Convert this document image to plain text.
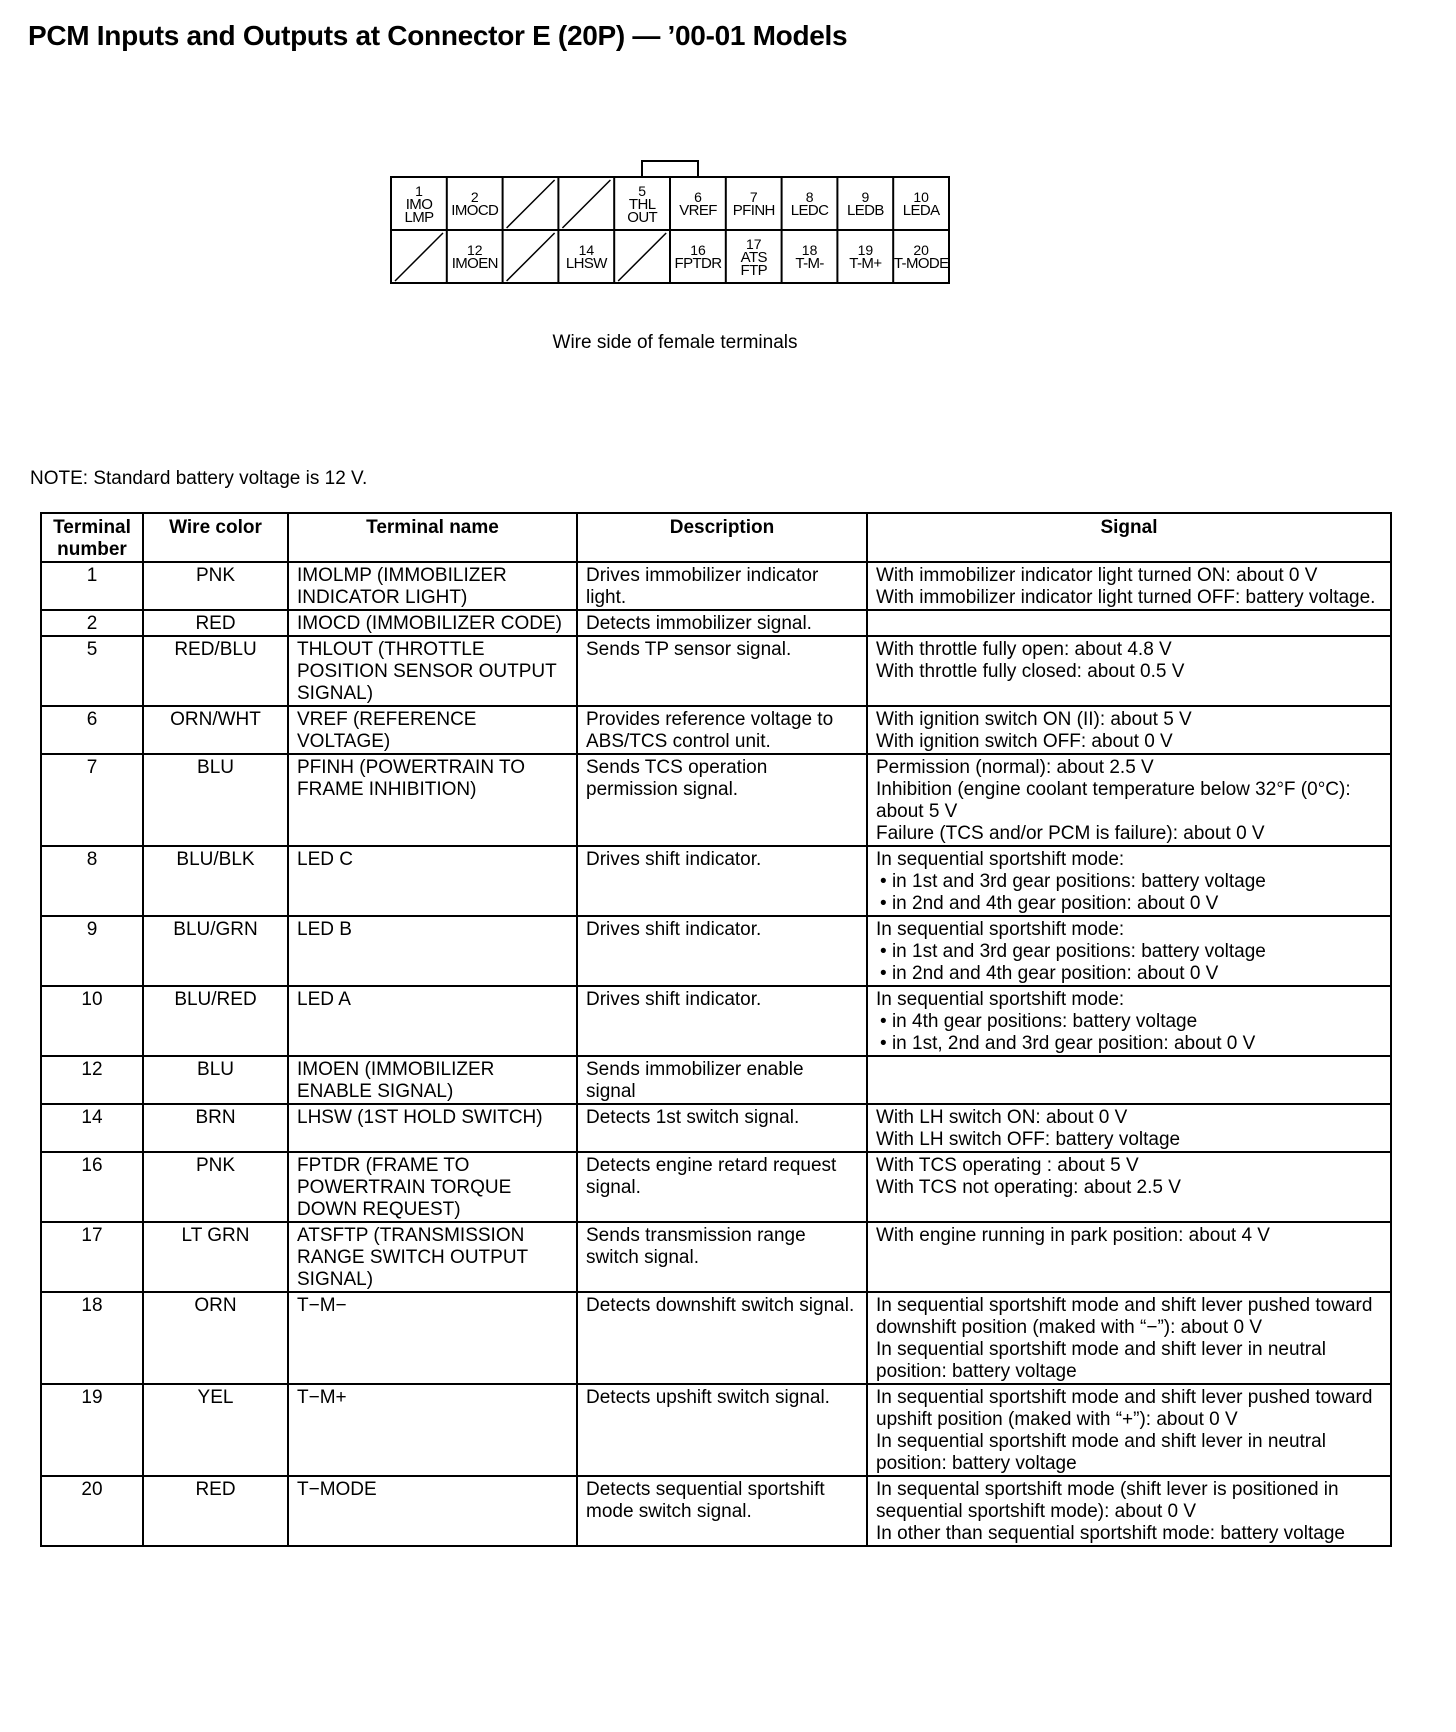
PCM Inputs and Outputs at Connector E (20P) — ’00-01 Models
1
IMO LMP
2
IMOCD
5
THL OUT
6
VREF
7
PFINH
8
LEDC
9
LEDB
10
LEDA
12
IMOEN
14
LHSW
16
FPTDR
17
ATS FTP
18
T-M-
19
T-M+
20
T-MODE
Wire side of female terminals
NOTE: Standard battery voltage is 12 V.
Terminal number	Wire color	Terminal name	Description	Signal
1	PNK	IMOLMP (IMMOBILIZER INDICATOR LIGHT)	Drives immobilizer indicator light.	With immobilizer indicator light turned ON: about 0 V
With immobilizer indicator light turned OFF: battery voltage.

2	RED	IMOCD (IMMOBILIZER CODE)	Detects immobilizer signal.	
5	RED/BLU	THLOUT (THROTTLE POSITION SENSOR OUTPUT SIGNAL)	Sends TP sensor signal.	With throttle fully open: about 4.8 V
With throttle fully closed: about 0.5 V

6	ORN/WHT	VREF (REFERENCE VOLTAGE)	Provides reference voltage to ABS/TCS control unit.	With ignition switch ON (II): about 5 V
With ignition switch OFF: about 0 V

7	BLU	PFINH (POWERTRAIN TO FRAME INHIBITION)	Sends TCS operation permission signal.	Permission (normal): about 2.5 V
Inhibition (engine coolant temperature below 32°F (0°C): about 5 V
Failure (TCS and/or PCM is failure): about 0 V

8	BLU/BLK	LED C	Drives shift indicator.	In sequential sportshift mode:
• in 1st and 3rd gear positions: battery voltage
• in 2nd and 4th gear position: about 0 V

9	BLU/GRN	LED B	Drives shift indicator.	In sequential sportshift mode:
• in 1st and 3rd gear positions: battery voltage
• in 2nd and 4th gear position: about 0 V

10	BLU/RED	LED A	Drives shift indicator.	In sequential sportshift mode:
• in 4th gear positions: battery voltage
• in 1st, 2nd and 3rd gear position: about 0 V

12	BLU	IMOEN (IMMOBILIZER ENABLE SIGNAL)	Sends immobilizer enable signal	
14	BRN	LHSW (1ST HOLD SWITCH)	Detects 1st switch signal.	With LH switch ON: about 0 V
With LH switch OFF: battery voltage

16	PNK	FPTDR (FRAME TO POWERTRAIN TORQUE DOWN REQUEST)	Detects engine retard request signal.	With TCS operating : about 5 V
With TCS not operating: about 2.5 V

17	LT GRN	ATSFTP (TRANSMISSION RANGE SWITCH OUTPUT SIGNAL)	Sends transmission range switch signal.	With engine running in park position: about 4 V

18	ORN	T−M−	Detects downshift switch signal.	In sequential sportshift mode and shift lever pushed toward downshift position (maked with “−”): about 0 V
In sequential sportshift mode and shift lever in neutral position: battery voltage

19	YEL	T−M+	Detects upshift switch signal.	In sequential sportshift mode and shift lever pushed toward upshift position (maked with “+”): about 0 V
In sequential sportshift mode and shift lever in neutral position: battery voltage

20	RED	T−MODE	Detects sequential sportshift mode switch signal.	In sequental sportshift mode (shift lever is positioned in sequential sportshift mode): about 0 V
In other than sequential sportshift mode: battery voltage
